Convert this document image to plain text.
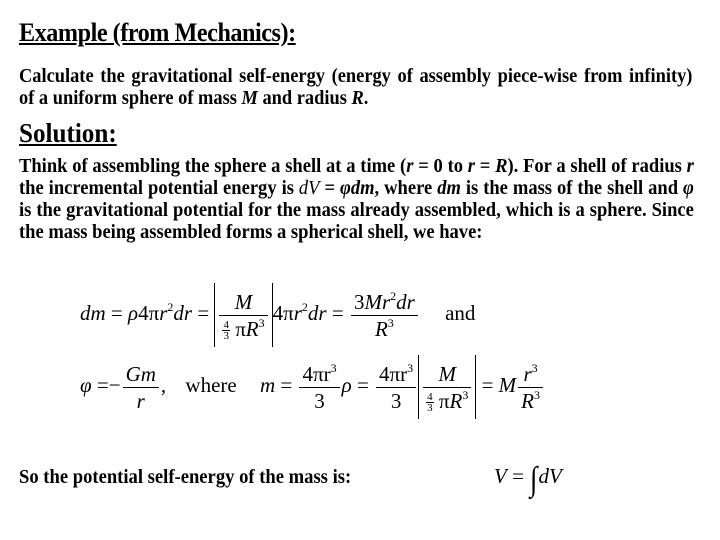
Example (from Mechanics):
Calculate the gravitational self-energy (energy of assembly piece-wise from infinity) of a uniform sphere of mass M and radius R.
Solution:
Think of assembling the sphere a shell at a time (r = 0 to r = R). For a shell of radius r the incremental potential energy is dV = φdm, where dm is the mass of the shell and φ is the gravitational potential for the mass already assembled, which is a sphere. Since the mass being assembled forms a spherical shell, we have:
dm = $\rho 4\pi r^2dr = \frac{M}{\frac{4}{3} \pi R^3} 4\pi r^2dr = \frac{3Mr^2dr}{R^3}$ and
$\varphi =- \frac{Gm}{r}$ , where $m = \frac{4\pi r^3}{3}$ $\rho = \frac{4\pi r^3}{3} \frac{M}{\frac{4}{3} \pi R^3} = M \frac{r^3}{R^3}$
So the potential self-energy of the mass is:	V = ∫dV
